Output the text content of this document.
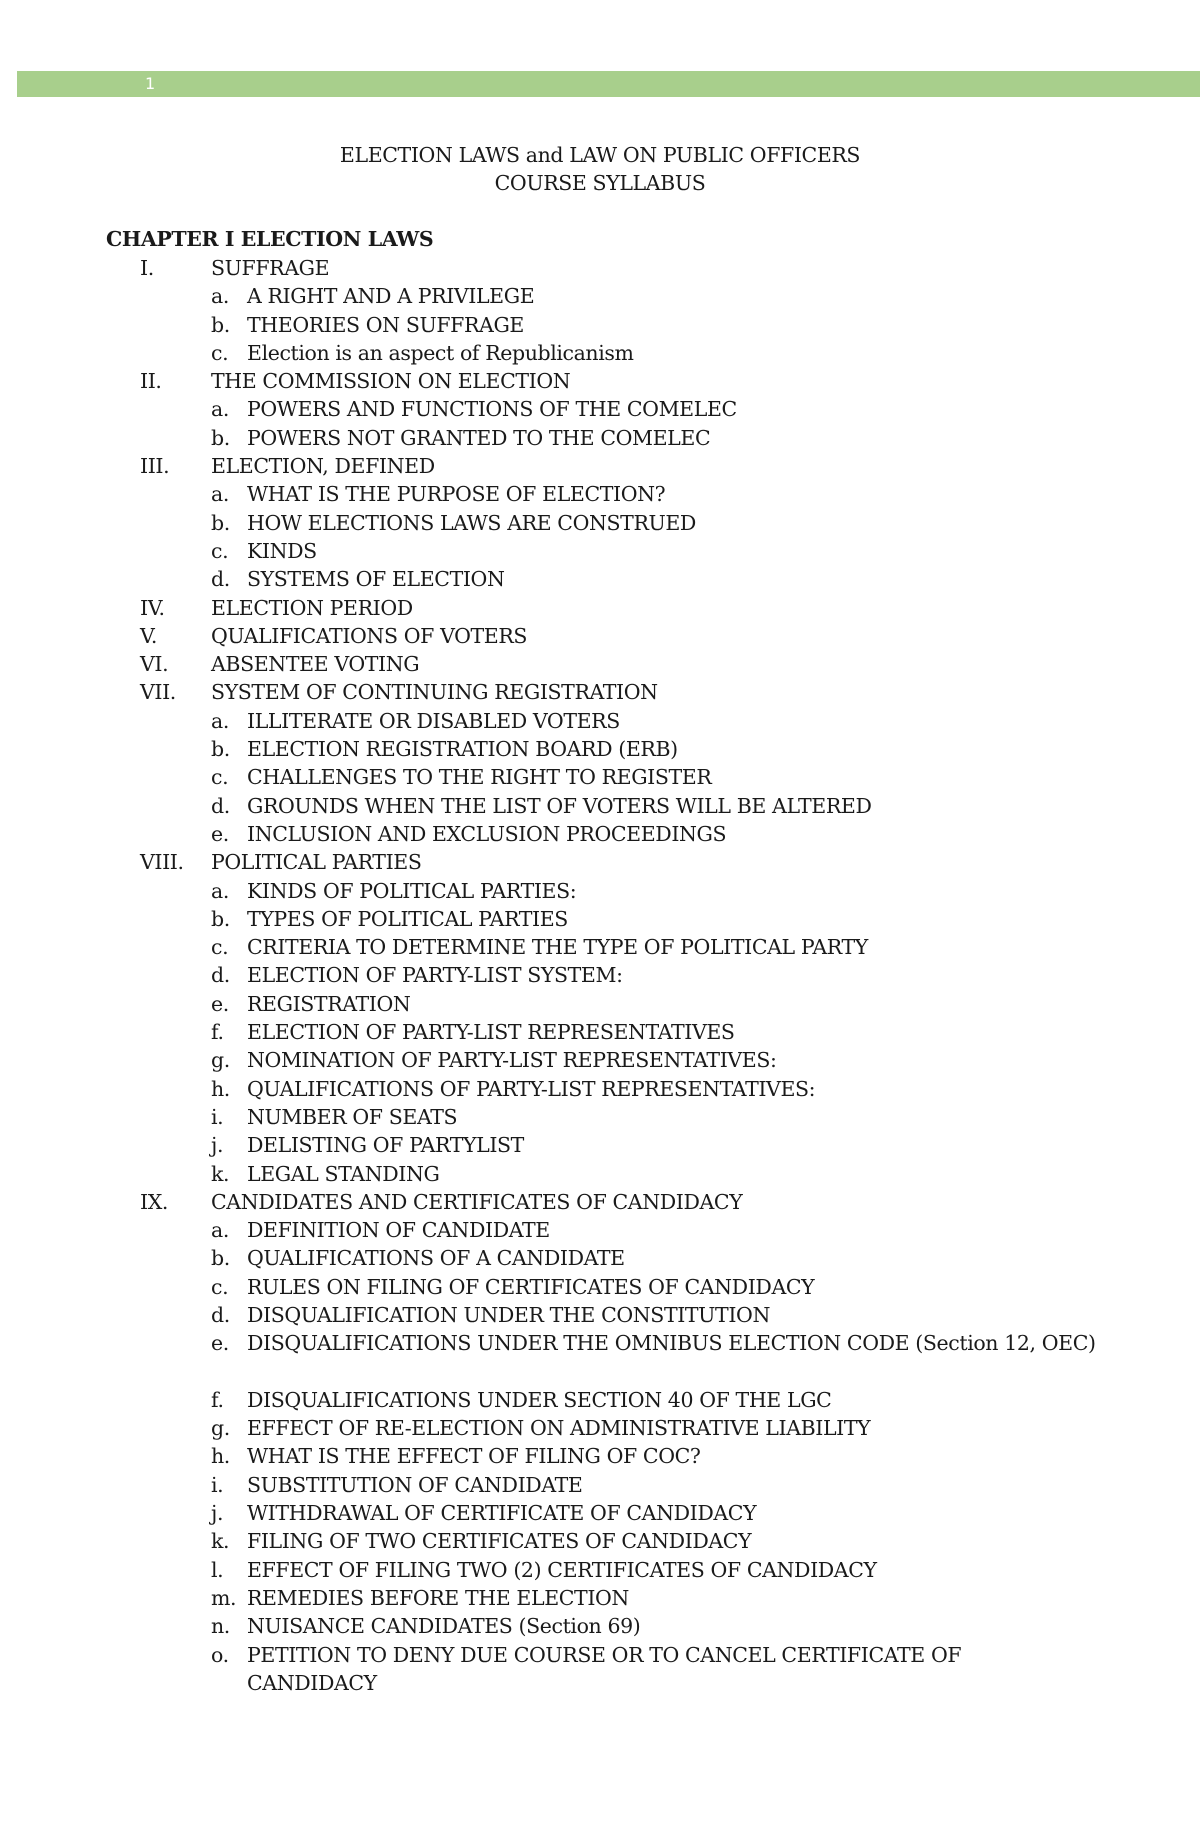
1
ELECTION LAWS and LAW ON PUBLIC OFFICERS
COURSE SYLLABUS
CHAPTER I ELECTION LAWS
I.	SUFFRAGE
a. A RIGHT AND A PRIVILEGE
b. THEORIES ON SUFFRAGE
c. Election is an aspect of Republicanism
II. THE COMMISSION ON ELECTION
a. POWERS AND FUNCTIONS OF THE COMELEC
b. POWERS NOT GRANTED TO THE COMELEC
III. ELECTION, DEFINED
a. WHAT IS THE PURPOSE OF ELECTION?
b. HOW ELECTIONS LAWS ARE CONSTRUED
c. KINDS
d. SYSTEMS OF ELECTION
IV. ELECTION PERIOD
V.	QUALIFICATIONS OF VOTERS
VI. ABSENTEE VOTING
VII. SYSTEM OF CONTINUING REGISTRATION
a. ILLITERATE OR DISABLED VOTERS
b. ELECTION REGISTRATION BOARD (ERB)
c. CHALLENGES TO THE RIGHT TO REGISTER
d. GROUNDS WHEN THE LIST OF VOTERS WILL BE ALTERED
e. INCLUSION AND EXCLUSION PROCEEDINGS
VIII. POLITICAL PARTIES
a. KINDS OF POLITICAL PARTIES:
b. TYPES OF POLITICAL PARTIES
c. CRITERIA TO DETERMINE THE TYPE OF POLITICAL PARTY
d. ELECTION OF PARTY-LIST SYSTEM:
e. REGISTRATION
f. ELECTION OF PARTY-LIST REPRESENTATIVES
g. NOMINATION OF PARTY-LIST REPRESENTATIVES:
h. QUALIFICATIONS OF PARTY-LIST REPRESENTATIVES:
i. NUMBER OF SEATS
j. DELISTING OF PARTYLIST
k. LEGAL STANDING
IX. CANDIDATES AND CERTIFICATES OF CANDIDACY
a. DEFINITION OF CANDIDATE
b. QUALIFICATIONS OF A CANDIDATE
c. RULES ON FILING OF CERTIFICATES OF CANDIDACY
d. DISQUALIFICATION UNDER THE CONSTITUTION
e. DISQUALIFICATIONS UNDER THE OMNIBUS ELECTION CODE (Section 12, OEC)
f. DISQUALIFICATIONS UNDER SECTION 40 OF THE LGC
g. EFFECT OF RE-ELECTION ON ADMINISTRATIVE LIABILITY
h. WHAT IS THE EFFECT OF FILING OF COC?
i. SUBSTITUTION OF CANDIDATE
j. WITHDRAWAL OF CERTIFICATE OF CANDIDACY
k. FILING OF TWO CERTIFICATES OF CANDIDACY
l. EFFECT OF FILING TWO (2) CERTIFICATES OF CANDIDACY
m. REMEDIES BEFORE THE ELECTION
n. NUISANCE CANDIDATES (Section 69)
o. PETITION TO DENY DUE COURSE OR TO CANCEL CERTIFICATE OF CANDIDACY
